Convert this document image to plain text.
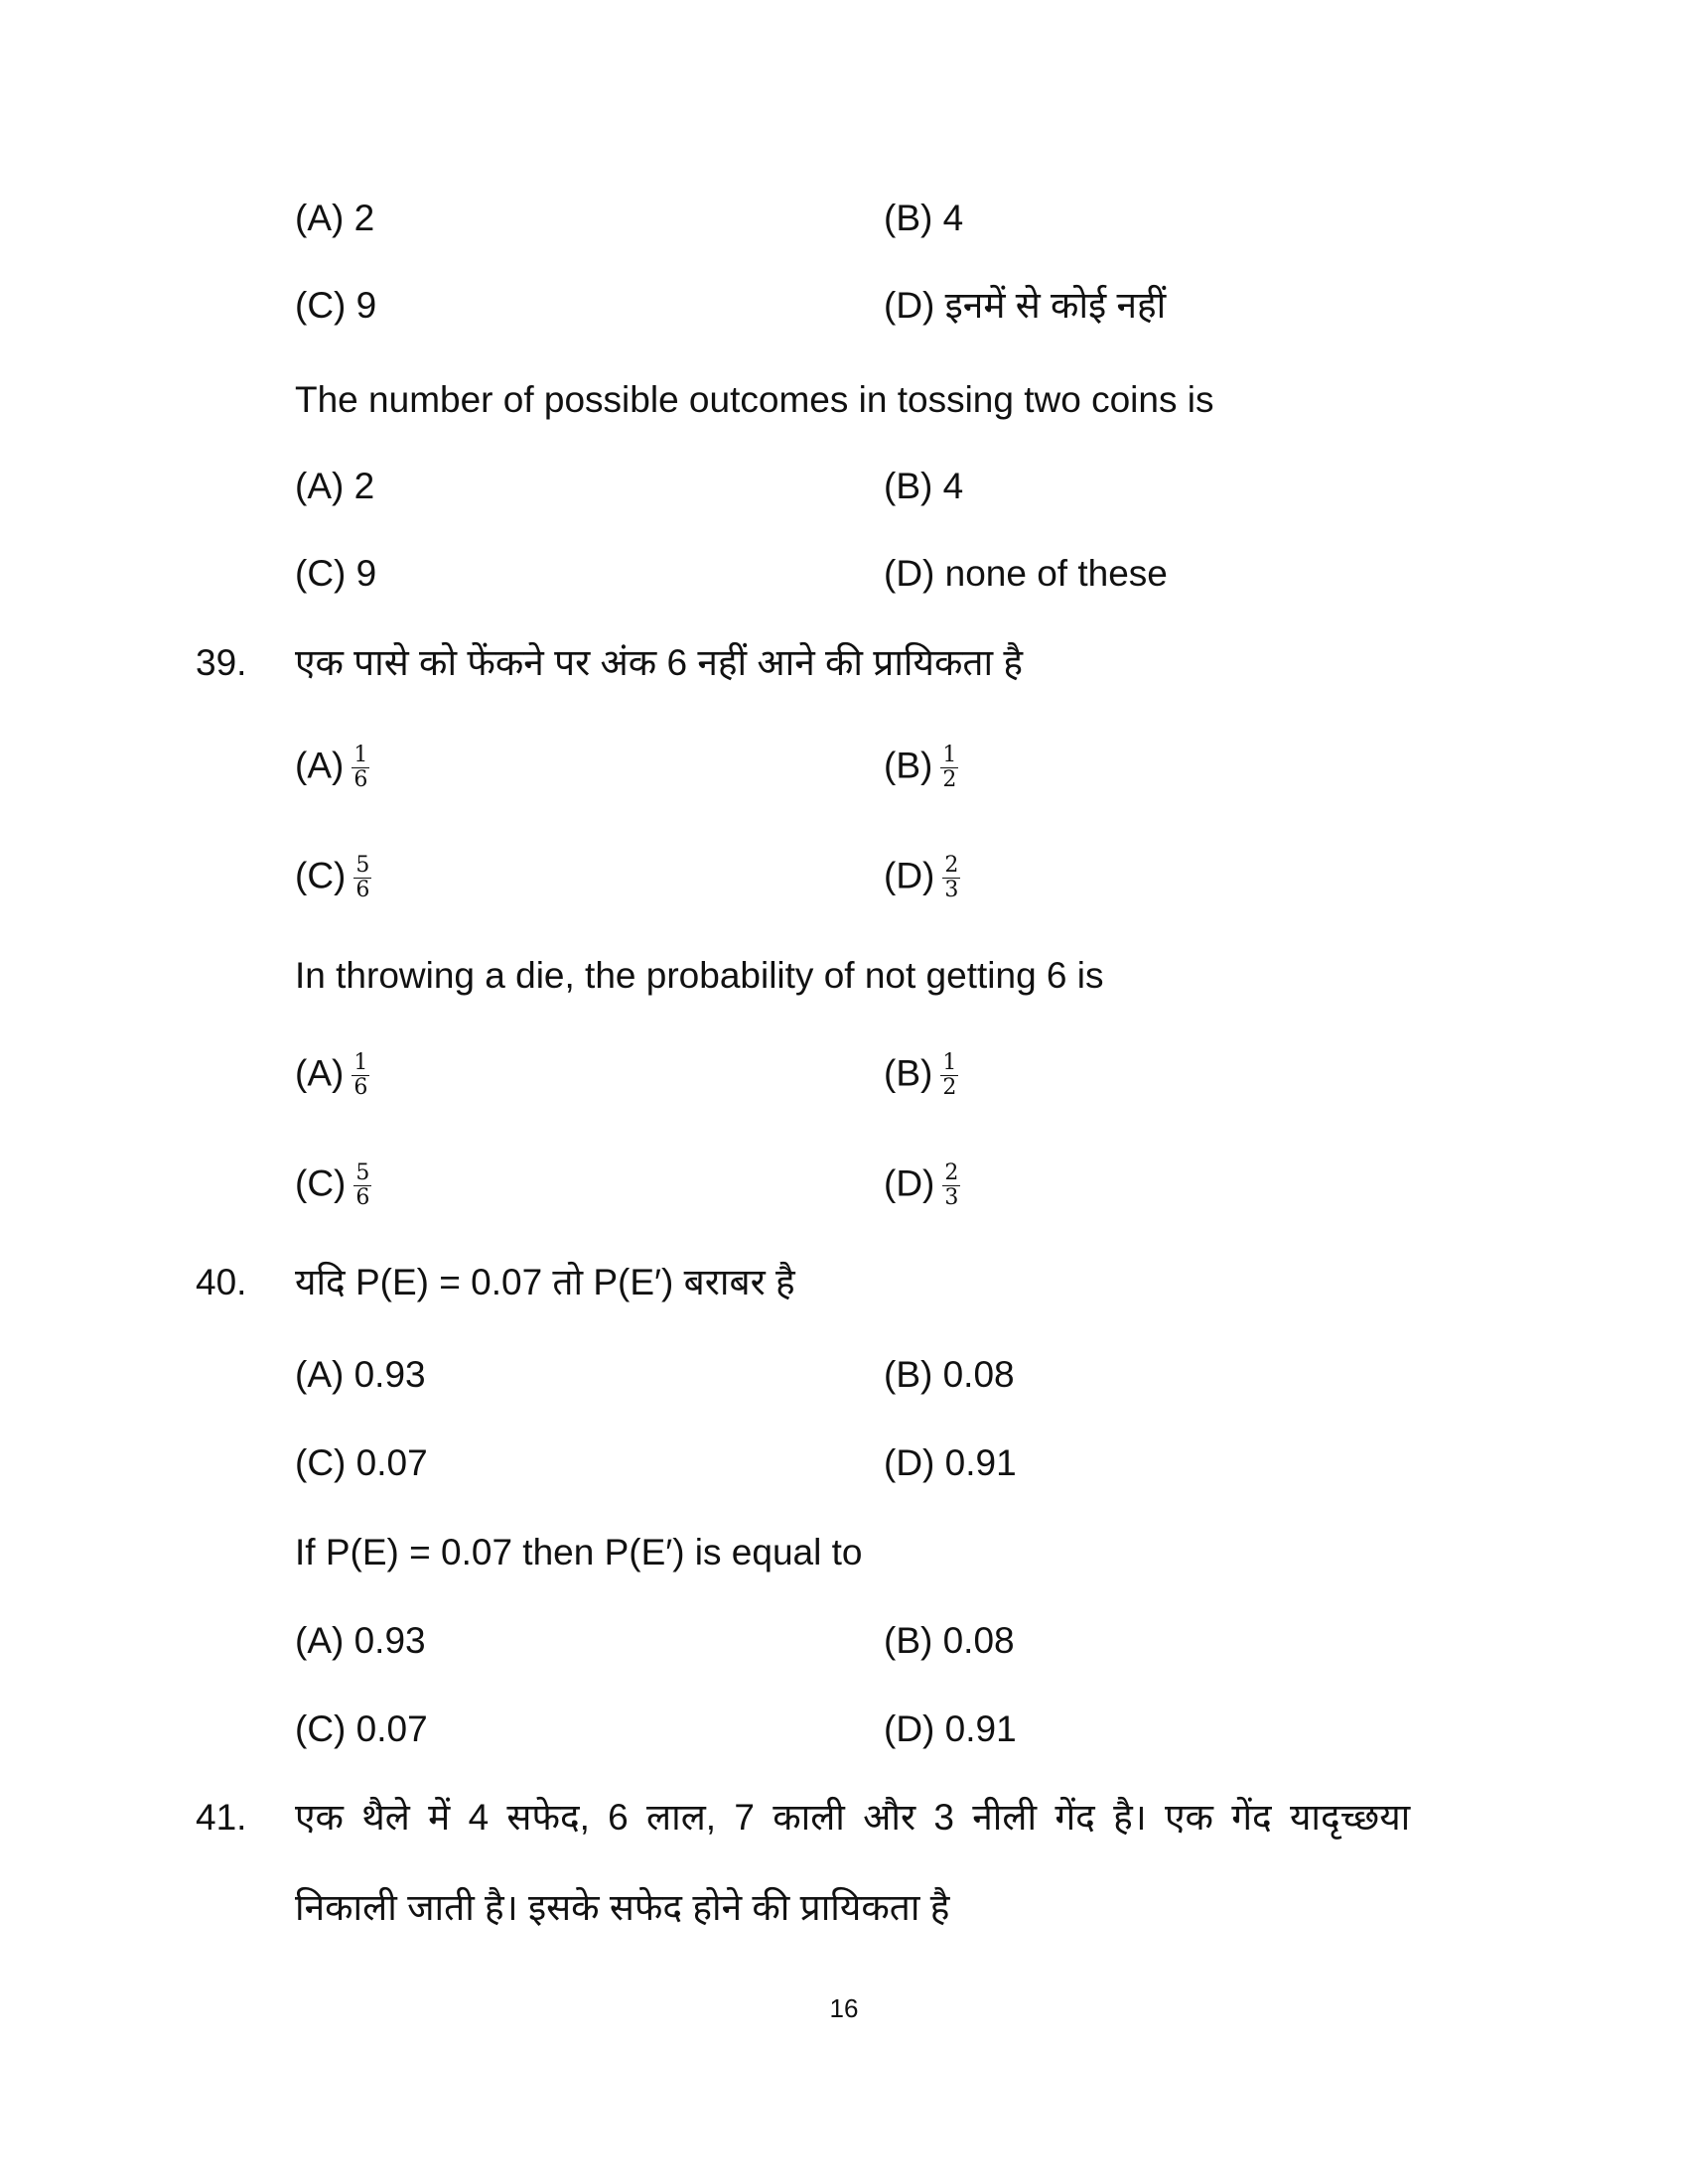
(A) 2	(B) 4
(C) 9	(D) इनमें से कोई नहीं
The number of possible outcomes in tossing two coins is
(A) 2	(B) 4
(C) 9	(D) none of these
39. एक पासे को फेंकने पर अंक 6 नहीं आने की प्रायिकता है
$(A) \frac{1}{6}$	$(B) \frac{1}{2}$
$(C) \frac{5}{6}$	$(D) \frac{2}{3}$
In throwing a die, the probability of not getting 6 is
$(A) \frac{1}{6}$	$(B) \frac{1}{2}$
$(C) \frac{5}{6}$	$(D) \frac{2}{3}$
40. यदि P(E) = 0.07 तो P(E′) बराबर है
(A) 0.93	(B) 0.08
(C) 0.07	(D) 0.91
If P(E) = 0.07 then P(E′) is equal to
(A) 0.93	(B) 0.08
(C) 0.07	(D) 0.91
41. एक थैले में 4 सफेद, 6 लाल, 7 काली और 3 नीली गेंद है। एक गेंद यादृच्छया
निकाली जाती है। इसके सफेद होने की प्रायिकता है
16
